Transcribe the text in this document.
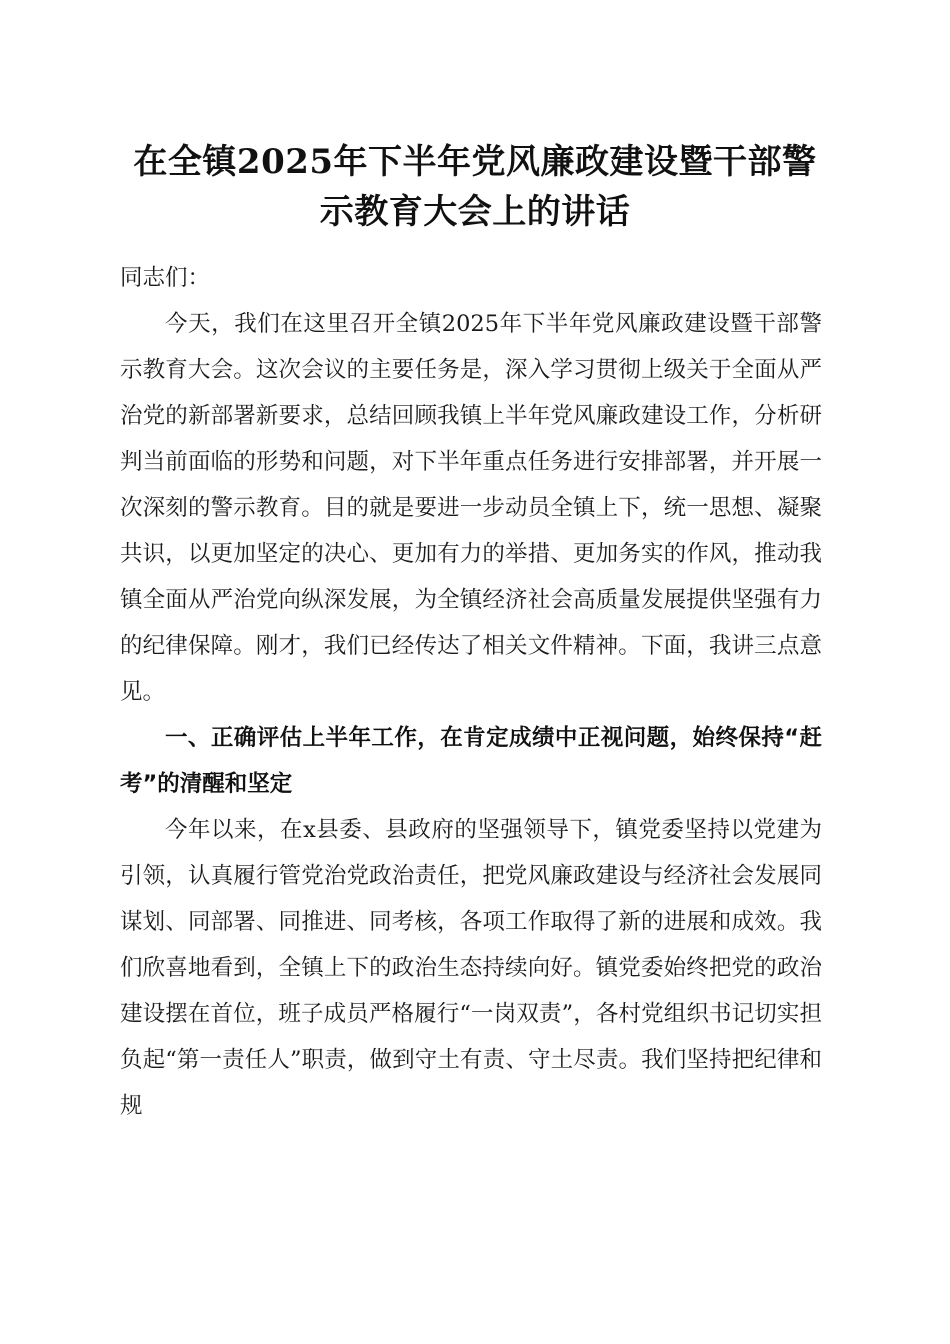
在全镇2025年下半年党风廉政建设暨干部警
示教育大会上的讲话

同志们：

今天，我们在这里召开全镇2025年下半年党风廉政建设暨干部警示教育大会。这次会议的主要任务是，深入学习贯彻上级关于全面从严治党的新部署新要求，总结回顾我镇上半年党风廉政建设工作，分析研判当前面临的形势和问题，对下半年重点任务进行安排部署，并开展一次深刻的警示教育。目的就是要进一步动员全镇上下，统一思想、凝聚共识，以更加坚定的决心、更加有力的举措、更加务实的作风，推动我镇全面从严治党向纵深发展，为全镇经济社会高质量发展提供坚强有力的纪律保障。刚才，我们已经传达了相关文件精神。下面，我讲三点意见。

一、正确评估上半年工作，在肯定成绩中正视问题，始终保持“赶考”的清醒和坚定

今年以来，在x县委、县政府的坚强领导下，镇党委坚持以党建为引领，认真履行管党治党政治责任，把党风廉政建设与经济社会发展同谋划、同部署、同推进、同考核，各项工作取得了新的进展和成效。我们欣喜地看到，全镇上下的政治生态持续向好。镇党委始终把党的政治建设摆在首位，班子成员严格履行“一岗双责”，各村党组织书记切实担负起“第一责任人”职责，做到守土有责、守土尽责。我们坚持把纪律和规
